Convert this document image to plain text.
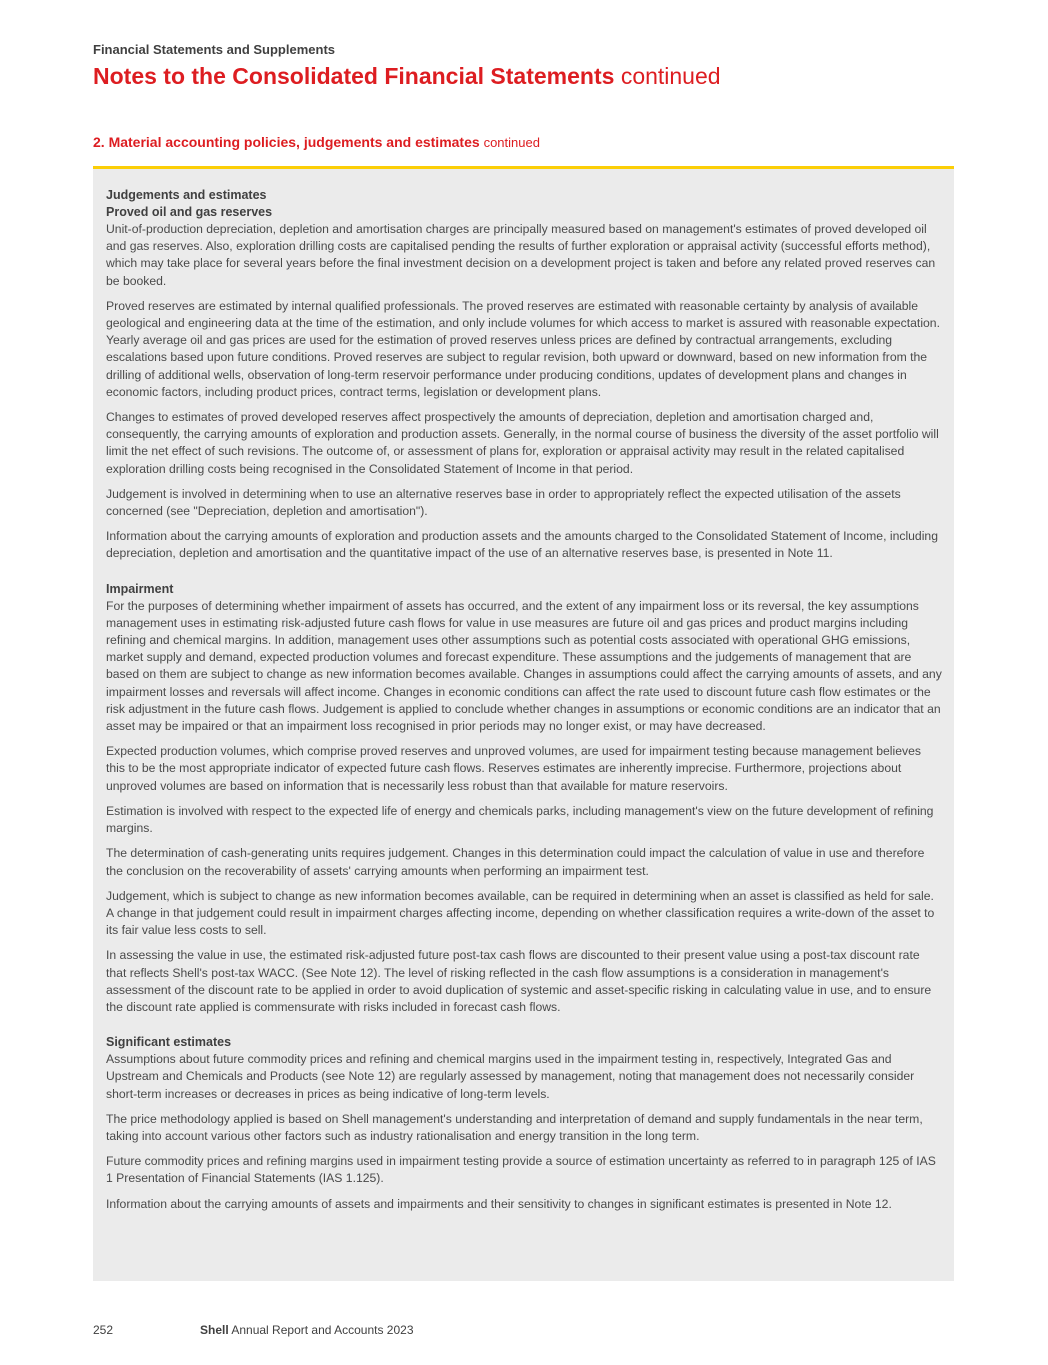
Financial Statements and Supplements
Notes to the Consolidated Financial Statements continued
2. Material accounting policies, judgements and estimates continued
Judgements and estimates
Proved oil and gas reserves

Unit-of-production depreciation, depletion and amortisation charges are principally measured based on management's estimates of proved developed oil and gas reserves. Also, exploration drilling costs are capitalised pending the results of further exploration or appraisal activity (successful efforts method), which may take place for several years before the final investment decision on a development project is taken and before any related proved reserves can be booked.

Proved reserves are estimated by internal qualified professionals. The proved reserves are estimated with reasonable certainty by analysis of available geological and engineering data at the time of the estimation, and only include volumes for which access to market is assured with reasonable expectation. Yearly average oil and gas prices are used for the estimation of proved reserves unless prices are defined by contractual arrangements, excluding escalations based upon future conditions. Proved reserves are subject to regular revision, both upward or downward, based on new information from the drilling of additional wells, observation of long-term reservoir performance under producing conditions, updates of development plans and changes in economic factors, including product prices, contract terms, legislation or development plans.

Changes to estimates of proved developed reserves affect prospectively the amounts of depreciation, depletion and amortisation charged and, consequently, the carrying amounts of exploration and production assets. Generally, in the normal course of business the diversity of the asset portfolio will limit the net effect of such revisions. The outcome of, or assessment of plans for, exploration or appraisal activity may result in the related capitalised exploration drilling costs being recognised in the Consolidated Statement of Income in that period.

Judgement is involved in determining when to use an alternative reserves base in order to appropriately reflect the expected utilisation of the assets concerned (see "Depreciation, depletion and amortisation").

Information about the carrying amounts of exploration and production assets and the amounts charged to the Consolidated Statement of Income, including depreciation, depletion and amortisation and the quantitative impact of the use of an alternative reserves base, is presented in Note 11.

Impairment

For the purposes of determining whether impairment of assets has occurred, and the extent of any impairment loss or its reversal, the key assumptions management uses in estimating risk-adjusted future cash flows for value in use measures are future oil and gas prices and product margins including refining and chemical margins. In addition, management uses other assumptions such as potential costs associated with operational GHG emissions, market supply and demand, expected production volumes and forecast expenditure. These assumptions and the judgements of management that are based on them are subject to change as new information becomes available. Changes in assumptions could affect the carrying amounts of assets, and any impairment losses and reversals will affect income. Changes in economic conditions can affect the rate used to discount future cash flow estimates or the risk adjustment in the future cash flows. Judgement is applied to conclude whether changes in assumptions or economic conditions are an indicator that an asset may be impaired or that an impairment loss recognised in prior periods may no longer exist, or may have decreased.

Expected production volumes, which comprise proved reserves and unproved volumes, are used for impairment testing because management believes this to be the most appropriate indicator of expected future cash flows. Reserves estimates are inherently imprecise. Furthermore, projections about unproved volumes are based on information that is necessarily less robust than that available for mature reservoirs.

Estimation is involved with respect to the expected life of energy and chemicals parks, including management's view on the future development of refining margins.

The determination of cash-generating units requires judgement. Changes in this determination could impact the calculation of value in use and therefore the conclusion on the recoverability of assets' carrying amounts when performing an impairment test.

Judgement, which is subject to change as new information becomes available, can be required in determining when an asset is classified as held for sale. A change in that judgement could result in impairment charges affecting income, depending on whether classification requires a write-down of the asset to its fair value less costs to sell.

In assessing the value in use, the estimated risk-adjusted future post-tax cash flows are discounted to their present value using a post-tax discount rate that reflects Shell's post-tax WACC. (See Note 12). The level of risking reflected in the cash flow assumptions is a consideration in management's assessment of the discount rate to be applied in order to avoid duplication of systemic and asset-specific risking in calculating value in use, and to ensure the discount rate applied is commensurate with risks included in forecast cash flows.

Significant estimates

Assumptions about future commodity prices and refining and chemical margins used in the impairment testing in, respectively, Integrated Gas and Upstream and Chemicals and Products (see Note 12) are regularly assessed by management, noting that management does not necessarily consider short-term increases or decreases in prices as being indicative of long-term levels.

The price methodology applied is based on Shell management's understanding and interpretation of demand and supply fundamentals in the near term, taking into account various other factors such as industry rationalisation and energy transition in the long term.

Future commodity prices and refining margins used in impairment testing provide a source of estimation uncertainty as referred to in paragraph 125 of IAS 1 Presentation of Financial Statements (IAS 1.125).

Information about the carrying amounts of assets and impairments and their sensitivity to changes in significant estimates is presented in Note 12.

252	Shell Annual Report and Accounts 2023
